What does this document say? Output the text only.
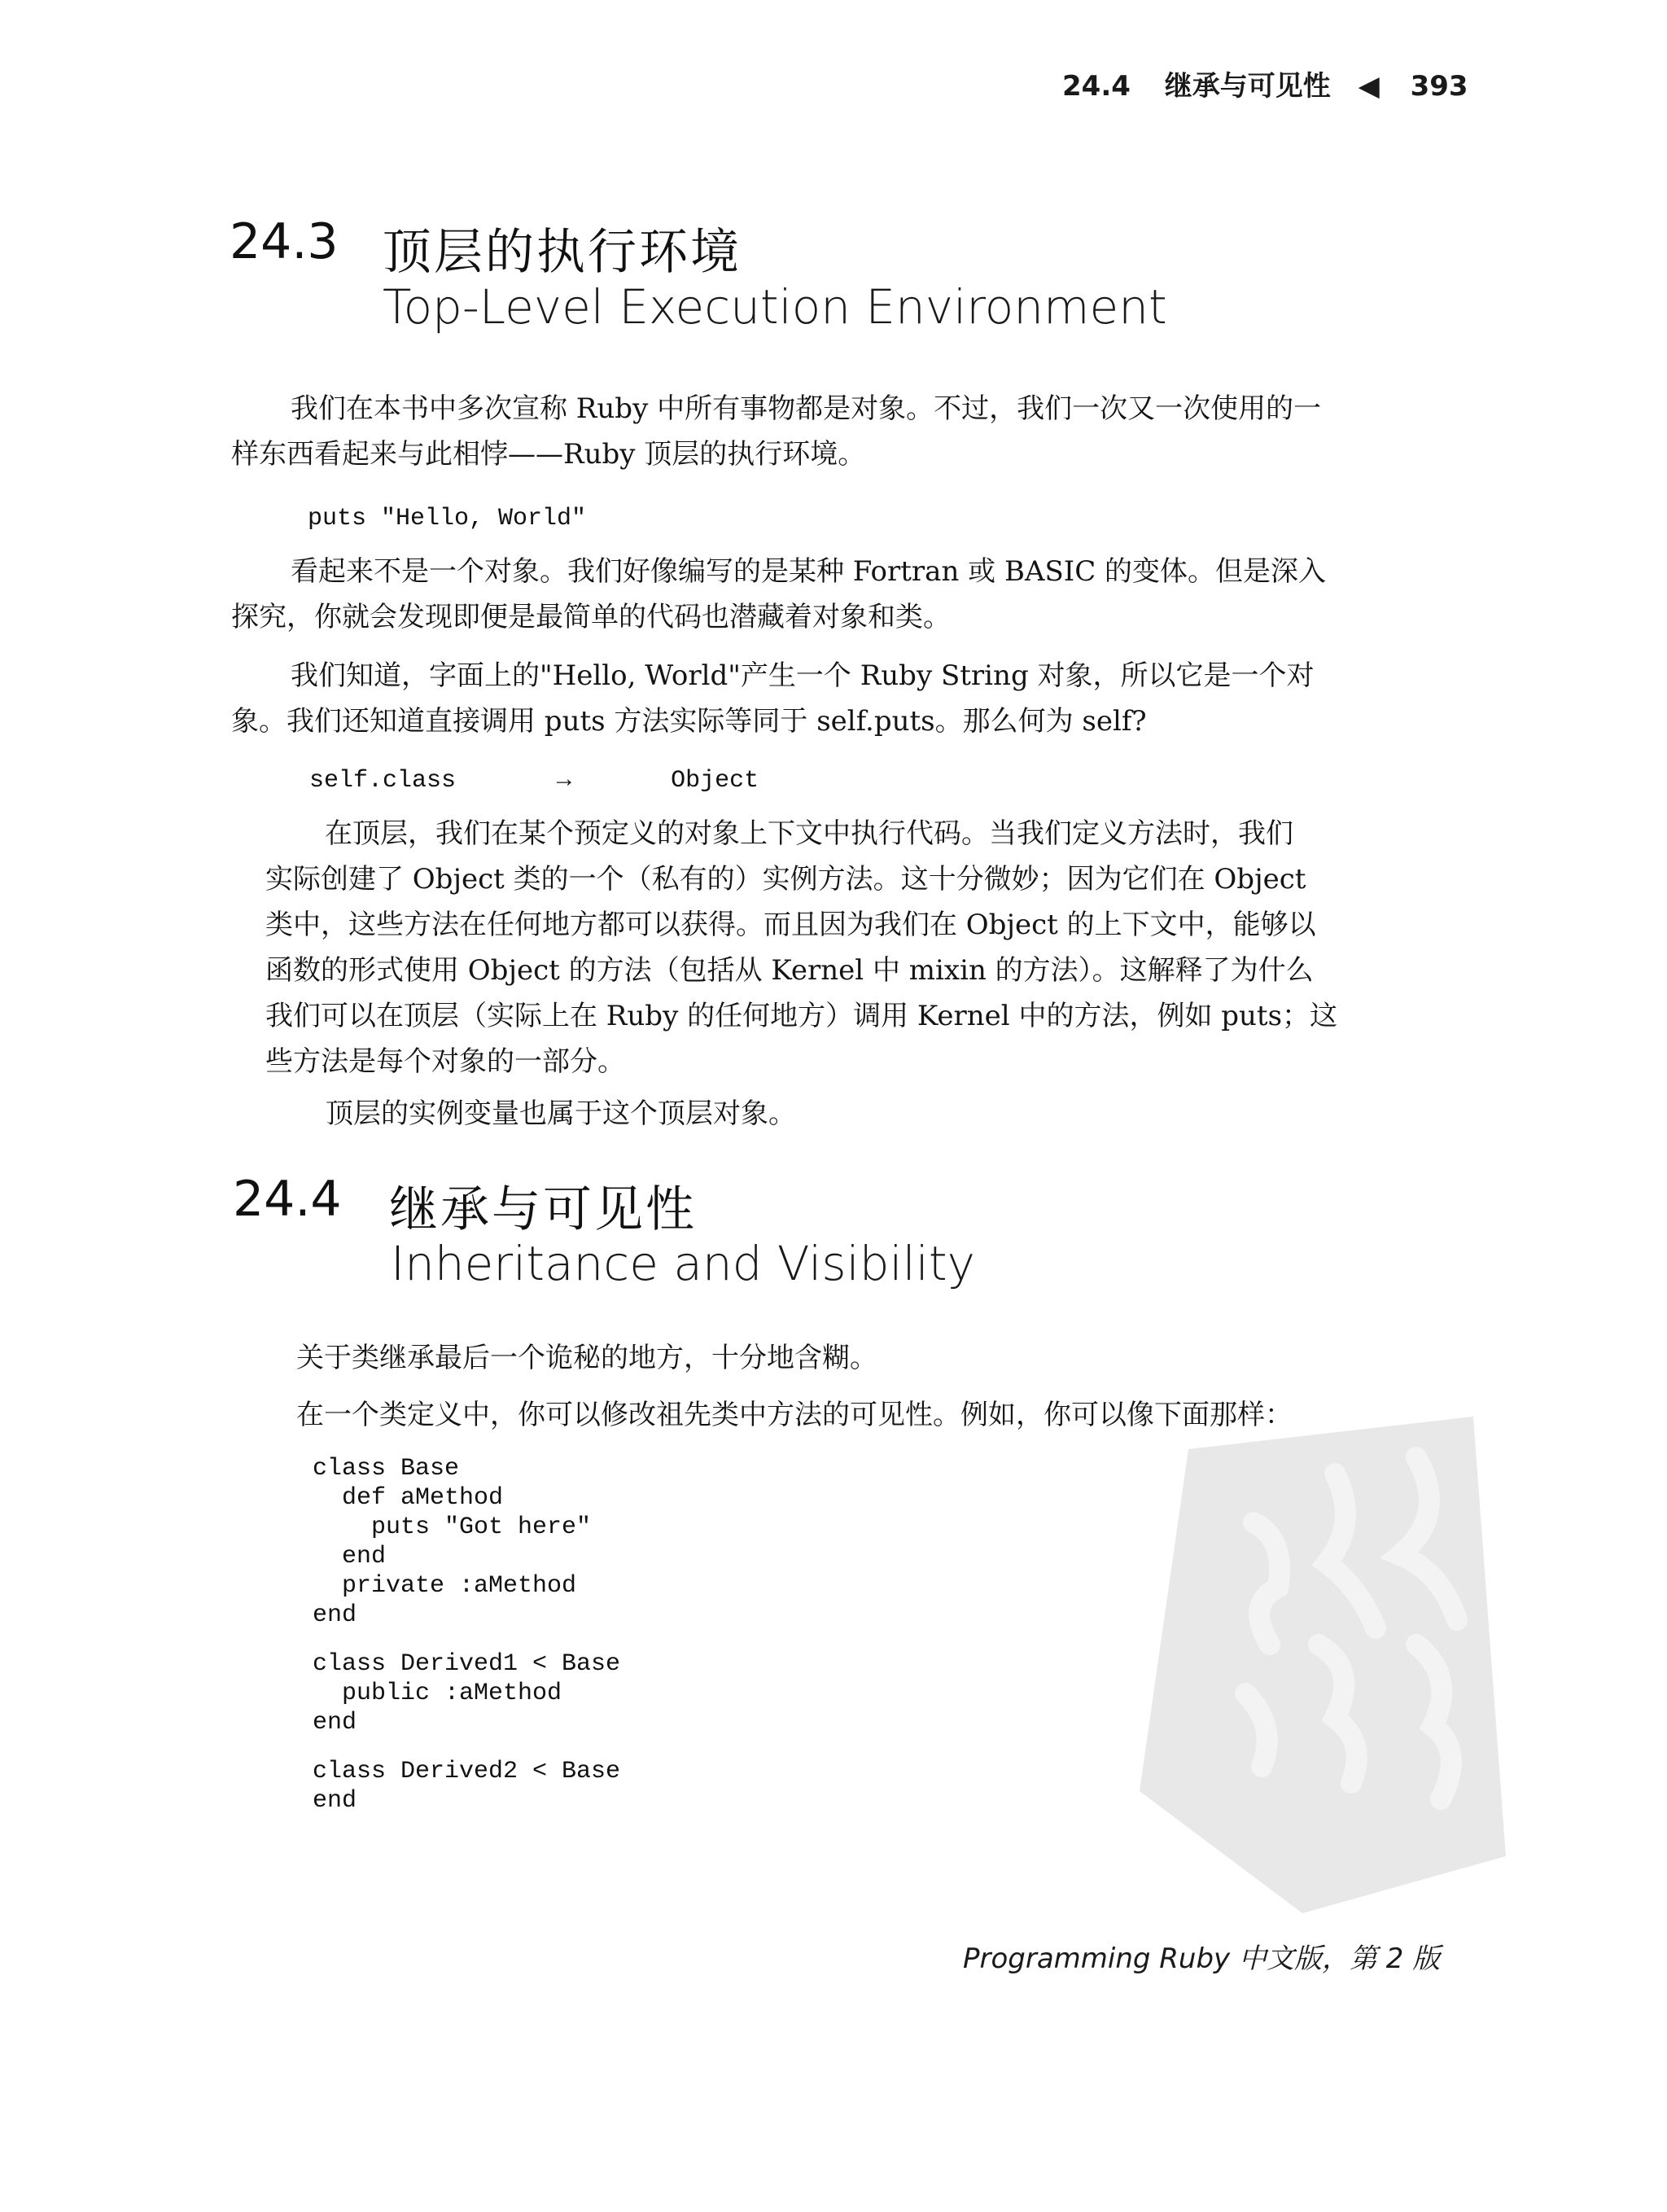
24.4 继承与可见性 ◀ 393
24.3 顶层的执行环境
Top-Level Execution Environment

我们在本书中多次宣称 Ruby 中所有事物都是对象。不过，我们一次又一次使用的一

样东西看起来与此相悖——Ruby 顶层的执行环境。

puts "Hello, World"

看起来不是一个对象。我们好像编写的是某种 Fortran 或 BASIC 的变体。但是深入

探究，你就会发现即便是最简单的代码也潜藏着对象和类。

我们知道，字面上的"Hello, World"产生一个 Ruby String 对象，所以它是一个对

象。我们还知道直接调用 puts 方法实际等同于 self.puts。那么何为 self?

self.class	→	Object

在顶层，我们在某个预定义的对象上下文中执行代码。当我们定义方法时，我们

实际创建了 Object 类的一个（私有的）实例方法。这十分微妙；因为它们在 Object

类中，这些方法在任何地方都可以获得。而且因为我们在 Object 的上下文中，能够以

函数的形式使用 Object 的方法（包括从 Kernel 中 mixin 的方法）。这解释了为什么

我们可以在顶层（实际上在 Ruby 的任何地方）调用 Kernel 中的方法，例如 puts；这

些方法是每个对象的一部分。

顶层的实例变量也属于这个顶层对象。
24.4 继承与可见性
Inheritance and Visibility
关于类继承最后一个诡秘的地方，十分地含糊。
在一个类定义中，你可以修改祖先类中方法的可见性。例如，你可以像下面那样：
class Base
def aMethod
puts "Got here"
end
private :aMethod
end
class Derived1 < Base
public :aMethod
end
class Derived2 < Base
end
Programming Ruby 中文版，第 2 版
